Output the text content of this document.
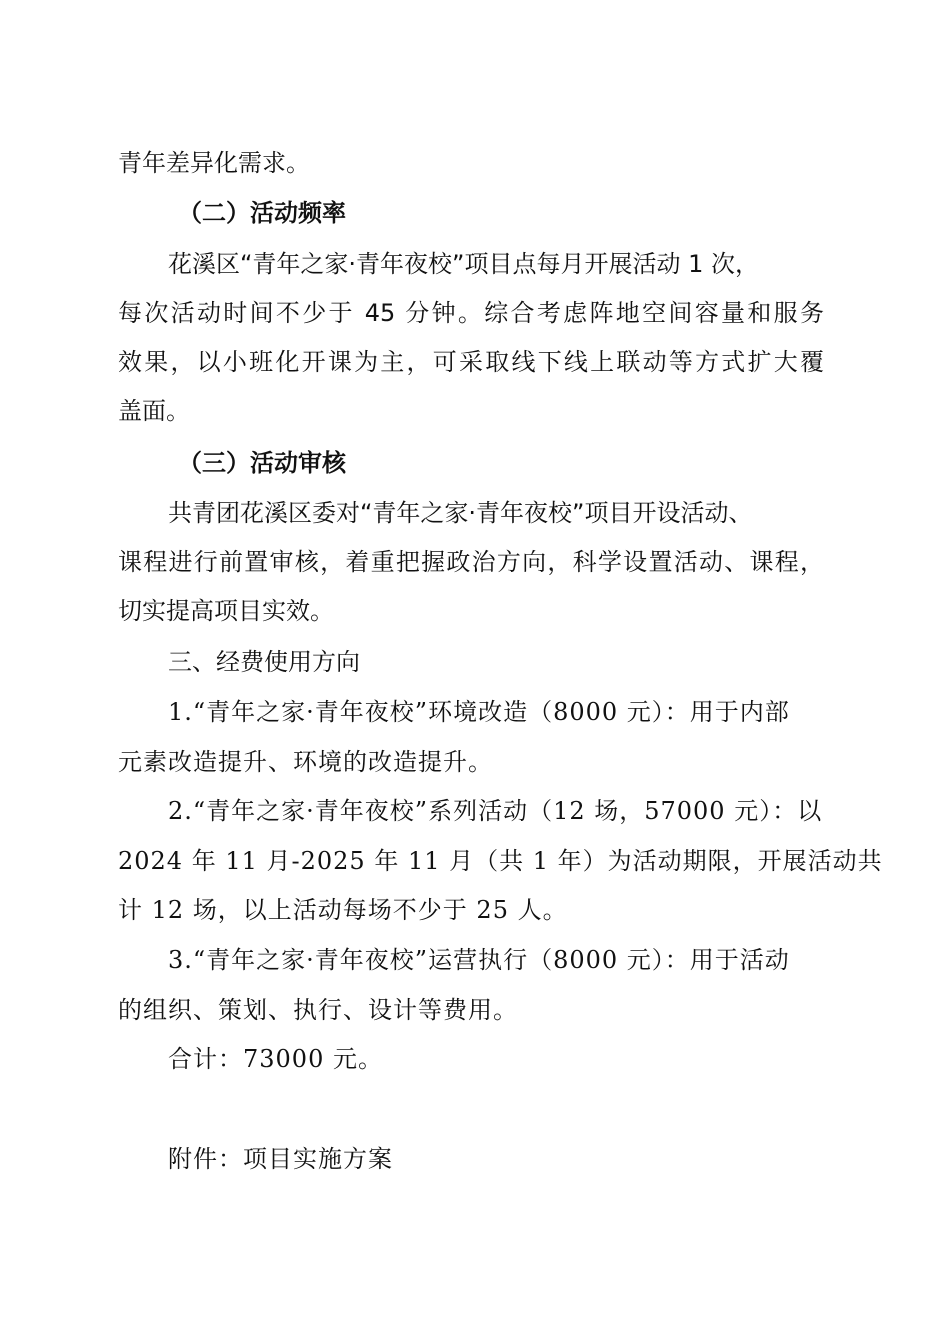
青年差异化需求。

（二）活动频率

花溪区“青年之家·青年夜校”项目点每月开展活动 1 次，

每次活动时间不少于 45 分钟。综合考虑阵地空间容量和服务

效果，以小班化开课为主，可采取线下线上联动等方式扩大覆

盖面。

（三）活动审核

共青团花溪区委对“青年之家·青年夜校”项目开设活动、

课程进行前置审核，着重把握政治方向，科学设置活动、课程，

切实提高项目实效。

三、经费使用方向

1.“青年之家·青年夜校”环境改造（8000 元）：用于内部

元素改造提升、环境的改造提升。

2.“青年之家·青年夜校”系列活动（12 场，57000 元）：以

2024 年 11 月-2025 年 11 月（共 1 年）为活动期限，开展活动共

计 12 场，以上活动每场不少于 25 人。

3.“青年之家·青年夜校”运营执行（8000 元）：用于活动

的组织、策划、执行、设计等费用。

合计：73000 元。

附件：项目实施方案
